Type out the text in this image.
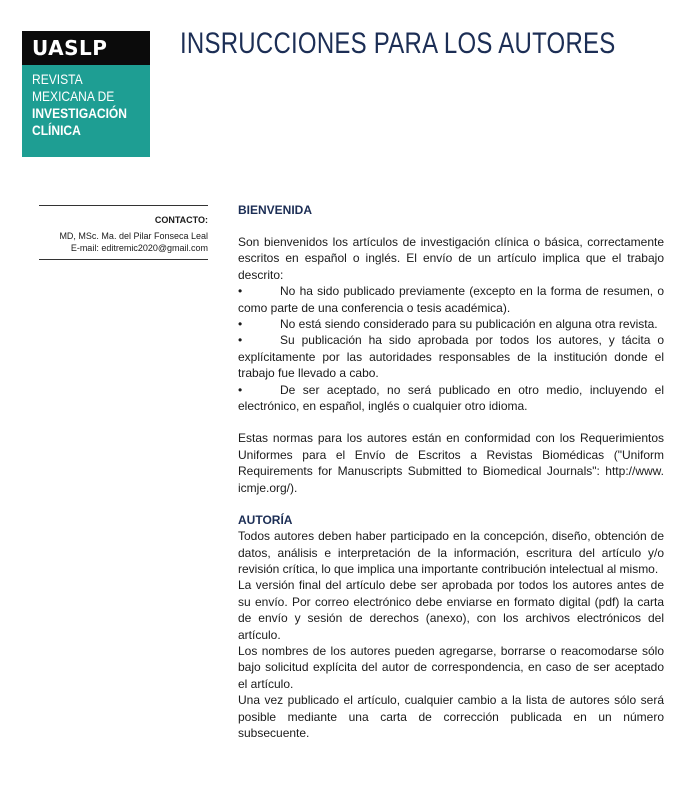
UASLP
REVISTA
MEXICANA DE
INVESTIGACIÓN
CLÍNICA
INSRUCCIONES PARA LOS AUTORES
CONTACTO:
MD, MSc. Ma. del Pilar Fonseca Leal
E-mail: editremic2020@gmail.com
BIENVENIDA

Son bienvenidos los artículos de investigación clínica o básica, correctamente escritos en español o inglés. El envío de un artículo implica que el trabajo descrito:

•	No ha sido publicado previamente (excepto en la forma de resumen, o como parte de una conferencia o tesis académica).

•	No está siendo considerado para su publicación en alguna otra revista.

•	Su publicación ha sido aprobada por todos los autores, y tácita o explícitamente por las autoridades responsables de la institución donde el trabajo fue llevado a cabo.

•	De ser aceptado, no será publicado en otro medio, incluyendo el electrónico, en español, inglés o cualquier otro idioma.

Estas normas para los autores están en conformidad con los Requerimientos Uniformes para el Envío de Escritos a Revistas Biomédicas ("Uniform Requirements for Manuscripts Submitted to Biomedical Journals": http://www. icmje.org/).

AUTORÍA

Todos autores deben haber participado en la concepción, diseño, obtención de datos, análisis e interpretación de la información, escritura del artículo y/o revisión crítica, lo que implica una importante contribución intelectual al mismo.

La versión final del artículo debe ser aprobada por todos los autores antes de su envío. Por correo electrónico debe enviarse en formato digital (pdf) la carta de envío y sesión de derechos (anexo), con los archivos electrónicos del artículo.

Los nombres de los autores pueden agregarse, borrarse o reacomodarse sólo bajo solicitud explícita del autor de correspondencia, en caso de ser aceptado el artículo.

Una vez publicado el artículo, cualquier cambio a la lista de autores sólo será posible mediante una carta de corrección publicada en un número subsecuente.
